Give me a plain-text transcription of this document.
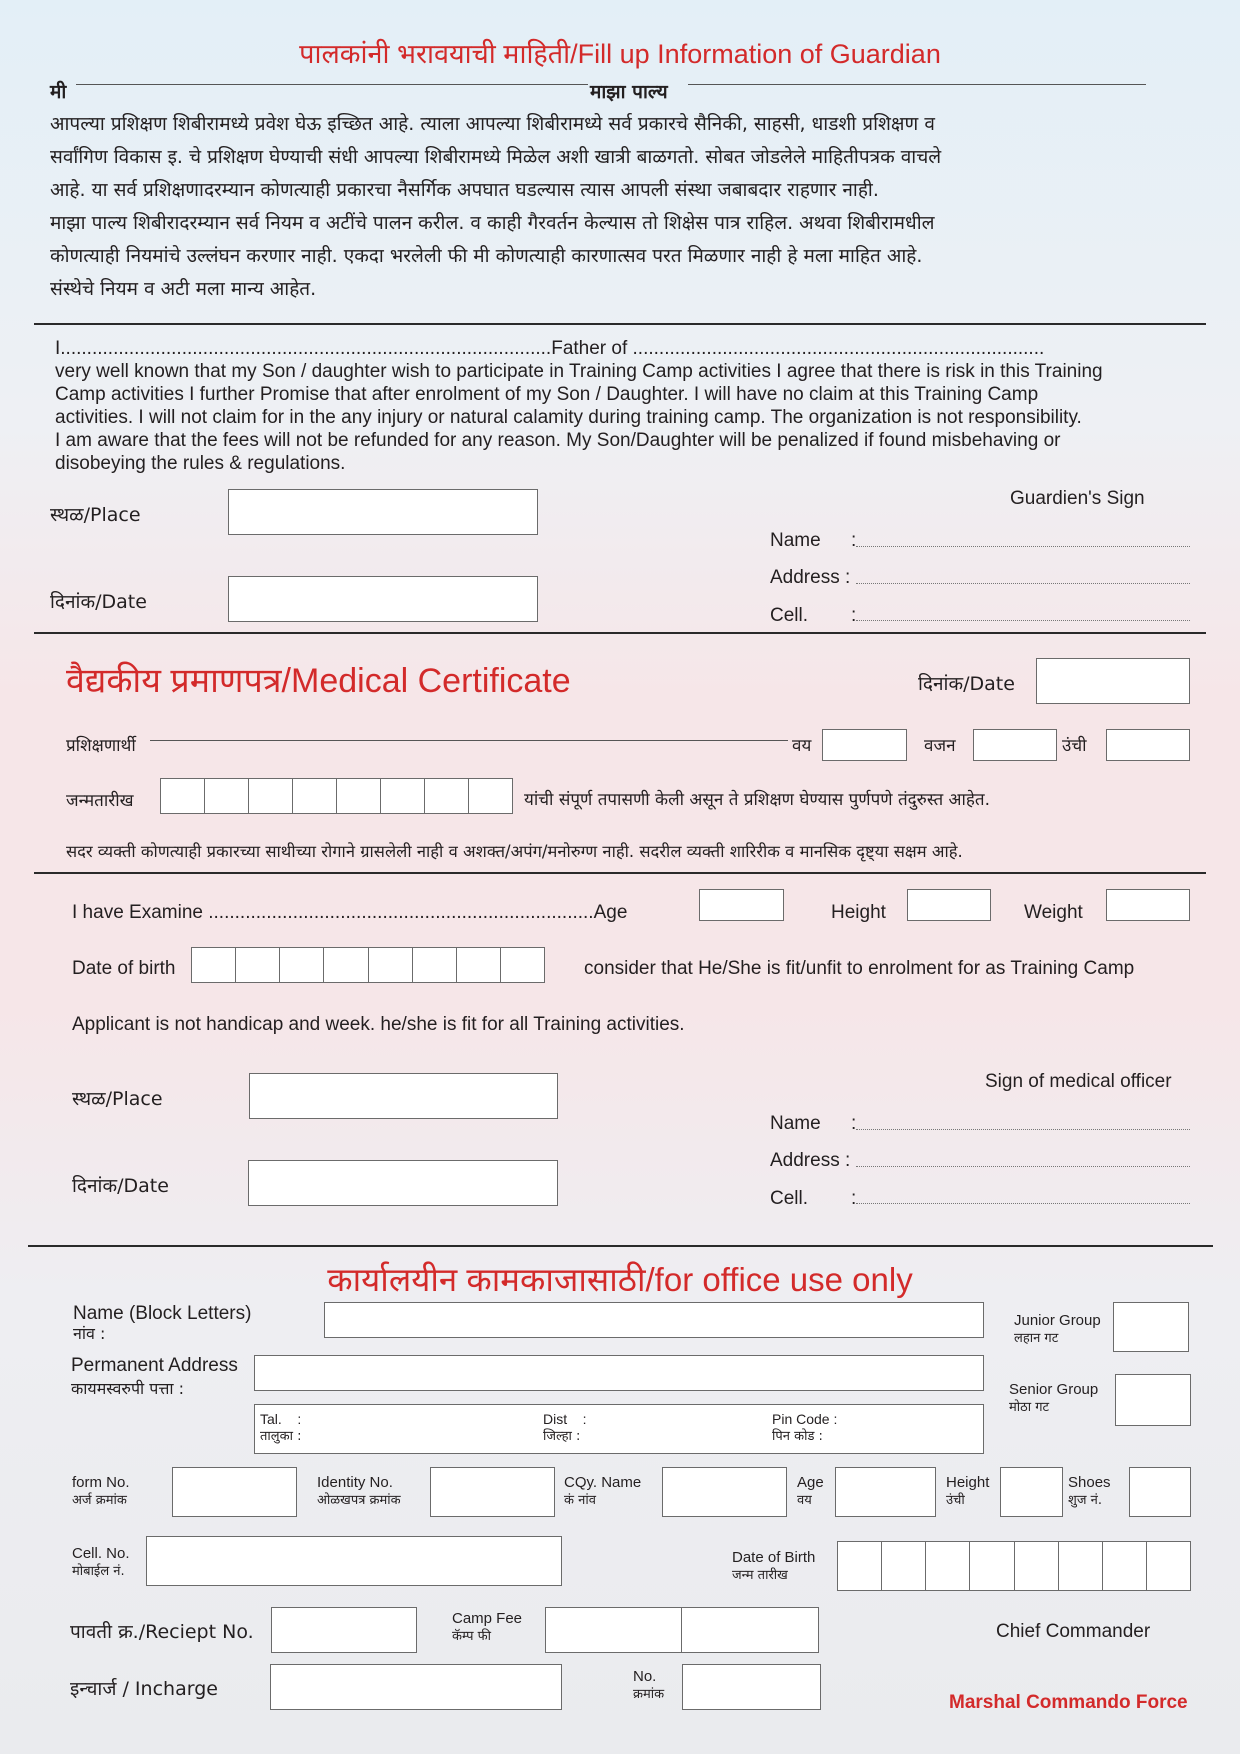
पालकांनी भरावयाची माहिती/Fill up Information of Guardian
मी	माझा पाल्य
आपल्या प्रशिक्षण शिबीरामध्ये प्रवेश घेऊ इच्छित आहे. त्याला आपल्या शिबीरामध्ये सर्व प्रकारचे सैनिकी, साहसी, धाडशी प्रशिक्षण व
सर्वांगिण विकास इ. चे प्रशिक्षण घेण्याची संधी आपल्या शिबीरामध्ये मिळेल अशी खात्री बाळगतो. सोबत जोडलेले माहितीपत्रक वाचले
आहे. या सर्व प्रशिक्षणादरम्यान कोणत्याही प्रकारचा नैसर्गिक अपघात घडल्यास त्यास आपली संस्था जबाबदार राहणार नाही.
माझा पाल्य शिबीरादरम्यान सर्व नियम व अटींचे पालन करील. व काही गैरवर्तन केल्यास तो शिक्षेस पात्र राहिल. अथवा शिबीरामधील
कोणत्याही नियमांचे उल्लंघन करणार नाही. एकदा भरलेली फी मी कोणत्याही कारणात्सव परत मिळणार नाही हे मला माहित आहे.
संस्थेचे नियम व अटी मला मान्य आहेत.
I.............................................................................................Father of ..............................................................................
very well known that my Son / daughter wish to participate in Training Camp activities I agree that there is risk in this Training
Camp activities I further Promise that after enrolment of my Son / Daughter. I will have no claim at this Training Camp
activities. I will not claim for in the any injury or natural calamity during training camp. The organization is not responsibility.
I am aware that the fees will not be refunded for any reason. My Son/Daughter will be penalized if found misbehaving or
disobeying the rules & regulations.
स्थळ/Place
दिनांक/Date
Guardien's Sign
Name :
Address :
Cell. :
वैद्यकीय प्रमाणपत्र/Medical Certificate	दिनांक/Date
प्रशिक्षणार्थी	वय	वजन	उंची
जन्मतारीख	यांची संपूर्ण तपासणी केली असून ते प्रशिक्षण घेण्यास पुर्णपणे तंदुरुस्त आहेत.
सदर व्यक्ती कोणत्याही प्रकारच्या साथीच्या रोगाने ग्रासलेली नाही व अशक्त/अपंग/मनोरुग्ण नाही. सदरील व्यक्ती शारिरीक व मानसिक दृष्ट्या सक्षम आहे.
I have Examine .........................................................................Age	Height	Weight
Date of birth	consider that He/She is fit/unfit to enrolment for as Training Camp
Applicant is not handicap and week. he/she is fit for all Training activities.
स्थळ/Place
दिनांक/Date
Sign of medical officer
Name :
Address :
Cell. :
कार्यालयीन कामकाजासाठी/for office use only
Name (Block Letters)
नांव :
Junior Group
लहान गट
Permanent Address
कायमस्वरुपी पत्ता :	Senior Group
मोठा गट
Tal.    :
तालुका :
Dist    :
जिल्हा :
Pin Code :
पिन कोड :
form No.
अर्ज क्रमांक
Identity No.
ओळखपत्र क्रमांक
CQy. Name
कं नांव
Age
वय
Height
उंची
Shoes
शुज नं.
Cell. No.
मोबाईल नं.
Date of Birth
जन्म तारीख
पावती क्र./Reciept No.
Camp Fee
कॅम्प फी	Chief Commander
इन्चार्ज / Incharge
No.
क्रमांक	Marshal Commando Force
